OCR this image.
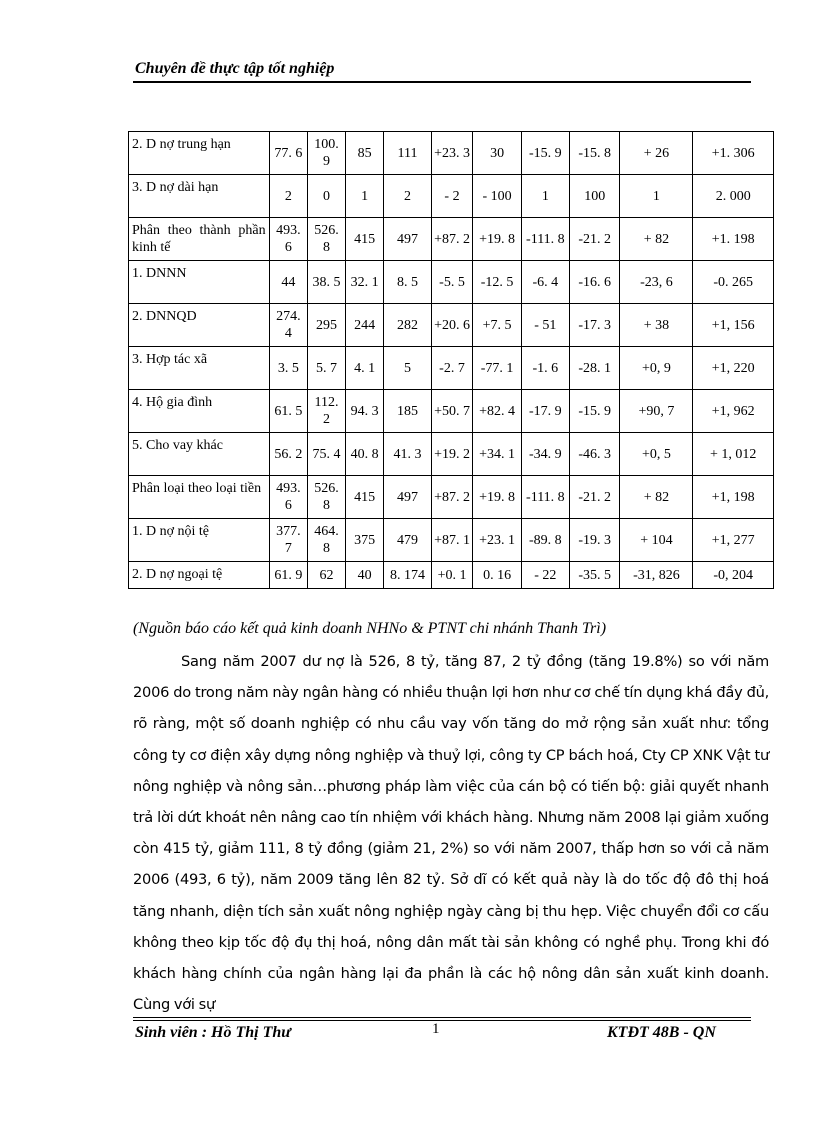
Chuyên đề thực tập tốt nghiệp
2. D nợ trung hạn	77. 6	100. 9	85	111	+23. 3	30	-15. 9	-15. 8	+ 26	+1. 306
3. D nợ dài hạn	2	0	1	2	- 2	- 100	1	100	1	2. 000
Phân theo thành phần kinh tế	493. 6	526. 8	415	497	+87. 2	+19. 8	-111. 8	-21. 2	+ 82	+1. 198
1. DNNN	44	38. 5	32. 1	8. 5	-5. 5	-12. 5	-6. 4	-16. 6	-23, 6	-0. 265
2. DNNQD	274. 4	295	244	282	+20. 6	+7. 5	- 51	-17. 3	+ 38	+1, 156
3. Hợp tác xã	3. 5	5. 7	4. 1	5	-2. 7	-77. 1	-1. 6	-28. 1	+0, 9	+1, 220
4. Hộ gia đình	61. 5	112. 2	94. 3	185	+50. 7	+82. 4	-17. 9	-15. 9	+90, 7	+1, 962
5. Cho vay khác	56. 2	75. 4	40. 8	41. 3	+19. 2	+34. 1	-34. 9	-46. 3	+0, 5	+ 1, 012
Phân loại theo loại tiền	493. 6	526. 8	415	497	+87. 2	+19. 8	-111. 8	-21. 2	+ 82	+1, 198
1. D nợ nội tệ	377. 7	464. 8	375	479	+87. 1	+23. 1	-89. 8	-19. 3	+ 104	+1, 277
2. D nợ ngoại tệ	61. 9	62	40	8. 174	+0. 1	0. 16	- 22	-35. 5	-31, 826	-0, 204
(Nguồn báo cáo kết quả kinh doanh NHNo & PTNT chi nhánh Thanh Trì)

Sang năm 2007 dư nợ là 526, 8 tỷ, tăng 87, 2 tỷ đồng (tăng 19.8%) so với năm 2006 do trong năm này ngân hàng có nhiều thuận lợi hơn như cơ chế tín dụng khá đầy đủ, rõ ràng, một số doanh nghiệp có nhu cầu vay vốn tăng do mở rộng sản xuất như: tổng công ty cơ điện xây dựng nông nghiệp và thuỷ lợi, công ty CP bách hoá, Cty CP XNK Vật tư nông nghiệp và nông sản…phương pháp làm việc của cán bộ có tiến bộ: giải quyết nhanh trả lời dứt khoát nên nâng cao tín nhiệm với khách hàng. Nhưng năm 2008 lại giảm xuống còn 415 tỷ, giảm 111, 8 tỷ đồng (giảm 21, 2%) so với năm 2007, thấp hơn so với cả năm 2006 (493, 6 tỷ), năm 2009 tăng lên 82 tỷ. Sở dĩ có kết quả này là do tốc độ đô thị hoá tăng nhanh, diện tích sản xuất nông nghiệp ngày càng bị thu hẹp. Việc chuyển đổi cơ cấu không theo kịp tốc độ đụ thị hoá, nông dân mất tài sản không có nghề phụ. Trong khi đó khách hàng chính của ngân hàng lại đa phần là các hộ nông dân sản xuất kinh doanh. Cùng với sự

Sinh viên : Hồ Thị Thư	1	KTĐT 48B - QN
